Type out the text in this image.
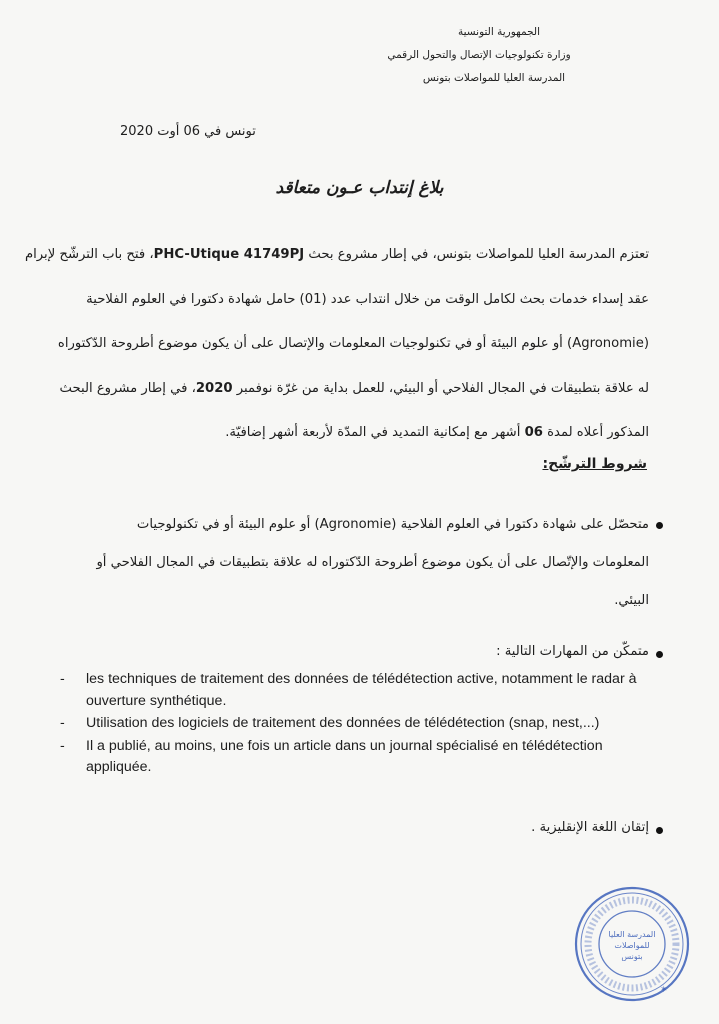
الجمهورية التونسية
وزارة تكنولوجيات الإتصال والتحول الرقمي
المدرسة العليا للمواصلات بتونس
تونس في 06 أوت 2020
بلاغ إنتداب عـون متعاقد
تعتزم المدرسة العليا للمواصلات بتونس، في إطار مشروع بحث PHC-Utique 41749PJ، فتح باب الترشّح لإبرام
عقد إسداء خدمات بحث لكامل الوقت من خلال انتداب عدد (01) حامل شهادة دكتورا في العلوم الفلاحية
(Agronomie) أو علوم البيئة أو في تكنولوجيات المعلومات والإتصال على أن يكون موضوع أطروحة الدّكتوراه
له علاقة بتطبيقات في المجال الفلاحي أو البيئي، للعمل بداية من غرّة نوفمبر 2020، في إطار مشروع البحث
المذكور أعلاه لمدة 06 أشهر مع إمكانية التمديد في المدّة لأربعة أشهر إضافيّة.
شروط الترشّح:
متحصّل على شهادة دكتورا في العلوم الفلاحية (Agronomie) أو علوم البيئة أو في تكنولوجيات
المعلومات والإتّصال على أن يكون موضوع أطروحة الدّكتوراه له علاقة بتطبيقات في المجال الفلاحي أو
البيئي.
متمكّن من المهارات التالية :
- les techniques de traitement des données de télédétection active, notamment le radar à ouverture synthétique.
- Utilisation des logiciels de traitement des données de télédétection (snap, nest,...)
- Il a publié, au moins, une fois un article dans un journal spécialisé en télédétection appliquée.
إتقان اللغة الإنقليزية .
المدرسة العليا
للمواصلات
بتونس
✶
